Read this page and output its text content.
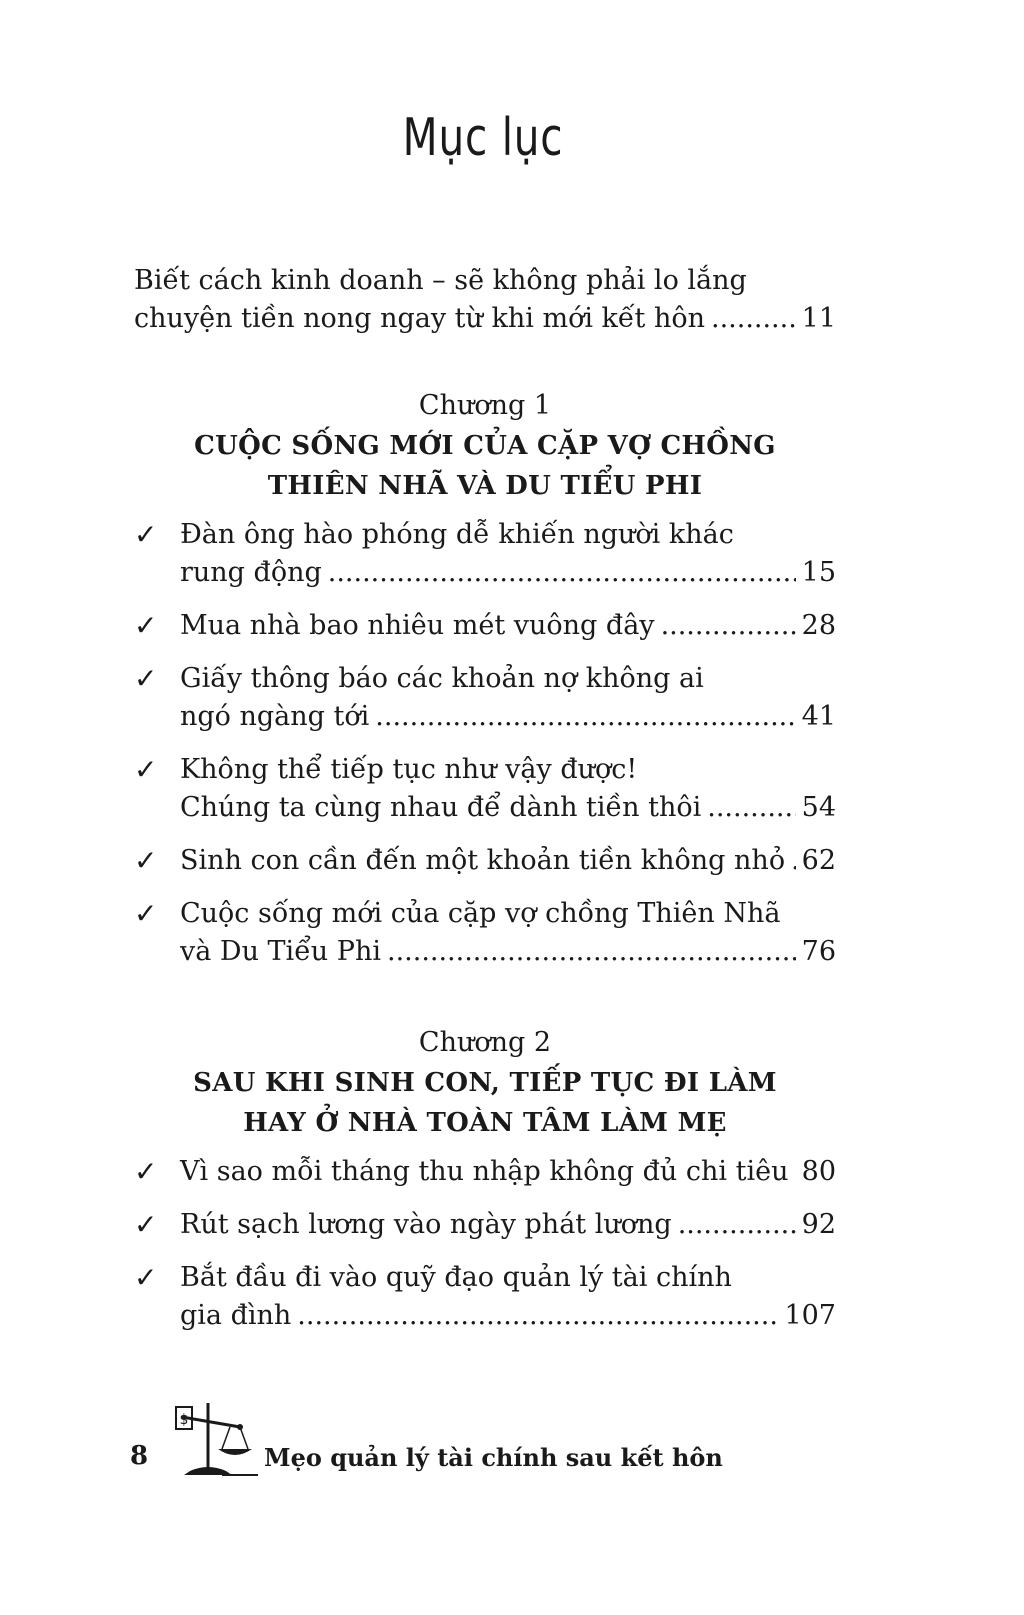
Mục lục
Biết cách kinh doanh – sẽ không phải lo lắng
chuyện tiền nong ngay từ khi mới kết hôn .....	11
Chương 1
CUỘC SỐNG MỚI CỦA CẶP VỢ CHỒNG
THIÊN NHÃ VÀ DU TIỂU PHI
✓ Đàn ông hào phóng dễ khiến người khác
rung động .....	15
✓ Mua nhà bao nhiêu mét vuông đây .....	28
✓ Giấy thông báo các khoản nợ không ai
ngó ngàng tới .....	41
✓ Không thể tiếp tục như vậy được!
Chúng ta cùng nhau để dành tiền thôi .....	54
✓ Sinh con cần đến một khoản tiền không nhỏ ..... 62
✓ Cuộc sống mới của cặp vợ chồng Thiên Nhã
và Du Tiểu Phi .....	76
Chương 2
SAU KHI SINH CON, TIẾP TỤC ĐI LÀM
HAY Ở NHÀ TOÀN TÂM LÀM MẸ
✓ Vì sao mỗi tháng thu nhập không đủ chi tiêu ..... 80
✓ Rút sạch lương vào ngày phát lương .....	92
✓ Bắt đầu đi vào quỹ đạo quản lý tài chính
gia đình .....	107
8
$
Mẹo quản lý tài chính sau kết hôn
